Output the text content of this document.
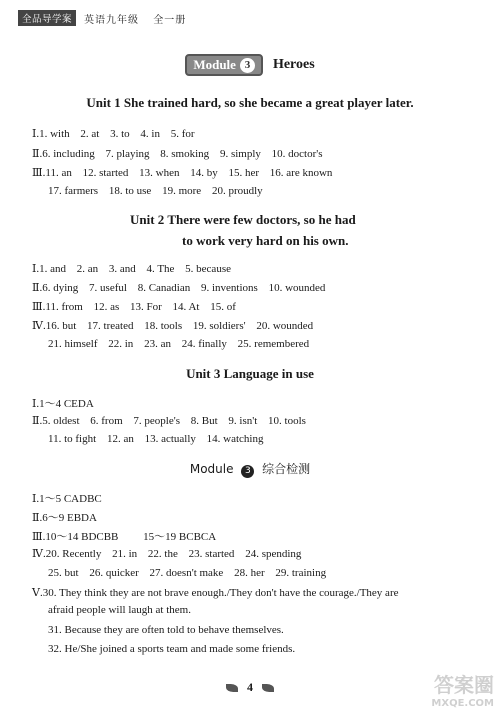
全品导学案	英语九年级 全一册
Module 3	Heroes
Unit 1 She trained hard, so she became a great player later.
Ⅰ.1. with 2. at 3. to 4. in 5. for
Ⅱ.6. including 7. playing 8. smoking 9. simply 10. doctor's
Ⅲ.11. an 12. started 13. when 14. by 15. her 16. are known
17. farmers 18. to use 19. more 20. proudly
Unit 2 There were few doctors, so he had
to work very hard on his own.
Ⅰ.1. and 2. an 3. and 4. The 5. because
Ⅱ.6. dying 7. useful 8. Canadian 9. inventions 10. wounded
Ⅲ.11. from 12. as 13. For 14. At 15. of
Ⅳ.16. but 17. treated 18. tools 19. soldiers' 20. wounded
21. himself 22. in 23. an 24. finally 25. remembered
Unit 3 Language in use
Ⅰ.1～4 CEDA
Ⅱ.5. oldest 6. from 7. people's 8. But 9. isn't 10. tools
11. to fight 12. an 13. actually 14. watching
Module 3 综合检测
Ⅰ.1～5 CADBC
Ⅱ.6～9 EBDA
Ⅲ.10～14 BDCBB 15～19 BCBCA
Ⅳ.20. Recently 21. in 22. the 23. started 24. spending
25. but 26. quicker 27. doesn't make 28. her 29. training
Ⅴ.30. They think they are not brave enough./They don't have the courage./They are
afraid people will laugh at them.
31. Because they are often told to behave themselves.
32. He/She joined a sports team and made some friends.
4	答案圈
MXQE.COM
